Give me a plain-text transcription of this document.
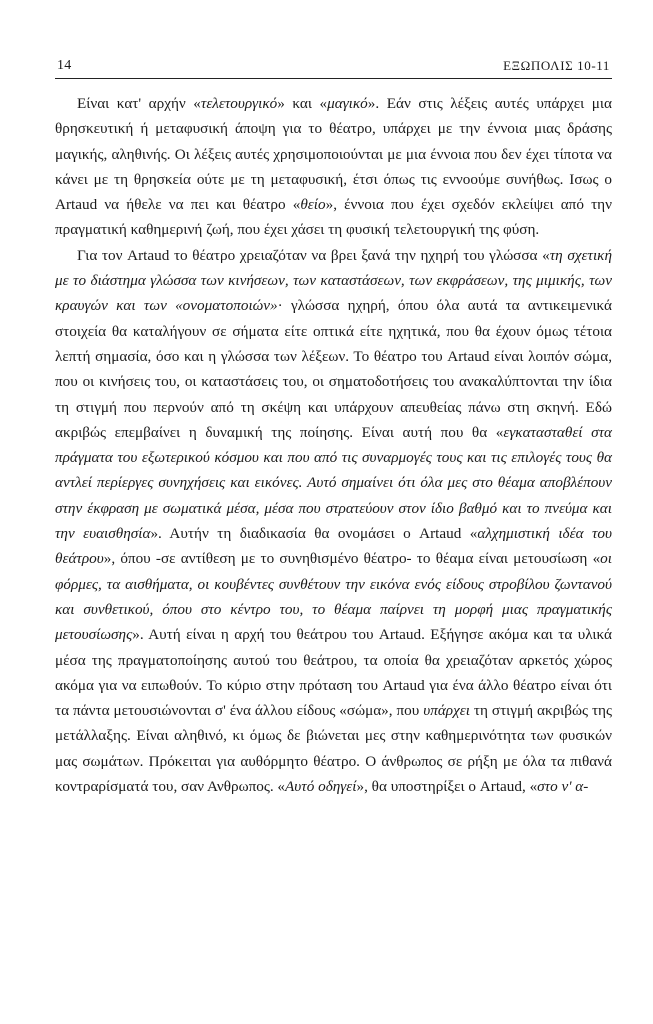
14	ΕΞΩΠΟΛΙΣ 10-11

Είναι κατ' αρχήν «τελετουργικό» και «μαγικό». Εάν στις λέξεις αυτές υπάρχει μια θρησκευτική ή μεταφυσική άποψη για το θέατρο, υπάρχει με την έννοια μιας δράσης μαγικής, αληθινής. Οι λέξεις αυτές χρησιμοποιούνται με μια έννοια που δεν έχει τίποτα να κάνει με τη θρησκεία ούτε με τη μεταφυσική, έτσι όπως τις εννοούμε συνήθως. Ισως ο Artaud να ήθελε να πει και θέατρο «θείο», έννοια που έχει σχεδόν εκλείψει από την πραγματική καθημερινή ζωή, που έχει χάσει τη φυσική τελετουργική της φύση.

Για τον Artaud το θέατρο χρειαζόταν να βρει ξανά την ηχηρή του γλώσσα «τη σχετική με το διάστημα γλώσσα των κινήσεων, των καταστάσεων, των εκφράσεων, της μιμικής, των κραυγών και των «ονοματοποιών»· γλώσσα ηχηρή, όπου όλα αυτά τα αντικειμενικά στοιχεία θα καταλήγουν σε σήματα είτε οπτικά είτε ηχητικά, που θα έχουν όμως τέτοια λεπτή σημασία, όσο και η γλώσσα των λέξεων. Το θέατρο του Artaud είναι λοιπόν σώμα, που οι κινήσεις του, οι καταστάσεις του, οι σηματοδοτήσεις του ανακαλύπτονται την ίδια τη στιγμή που περνούν από τη σκέψη και υπάρχουν απευθείας πάνω στη σκηνή. Εδώ ακριβώς επεμβαίνει η δυναμική της ποίησης. Είναι αυτή που θα «εγκατασταθεί στα πράγματα του εξωτερικού κόσμου και που από τις συναρμογές τους και τις επιλογές τους θα αντλεί περίεργες συνηχήσεις και εικόνες. Αυτό σημαίνει ότι όλα μες στο θέαμα αποβλέπουν στην έκφραση με σωματικά μέσα, μέσα που στρατεύουν στον ίδιο βαθμό και το πνεύμα και την ευαισθησία». Αυτήν τη διαδικασία θα ονομάσει ο Artaud «αλχημιστική ιδέα του θεάτρου», όπου -σε αντίθεση με το συνηθισμένο θέατρο- το θέαμα είναι μετουσίωση «οι φόρμες, τα αισθήματα, οι κουβέντες συνθέτουν την εικόνα ενός είδους στροβίλου ζωντανού και συνθετικού, όπου στο κέντρο του, το θέαμα παίρνει τη μορφή μιας πραγματικής μετουσίωσης». Αυτή είναι η αρχή του θεάτρου του Artaud. Εξήγησε ακόμα και τα υλικά μέσα της πραγματοποίησης αυτού του θεάτρου, τα οποία θα χρειαζόταν αρκετός χώρος ακόμα για να ειπωθούν. Το κύριο στην πρόταση του Artaud για ένα άλλο θέατρο είναι ότι τα πάντα μετουσιώνονται σ' ένα άλλου είδους «σώμα», που υπάρχει τη στιγμή ακριβώς της μετάλλαξης. Είναι αληθινό, κι όμως δε βιώνεται μες στην καθημερινότητα των φυσικών μας σωμάτων. Πρόκειται για αυθόρμητο θέατρο. Ο άνθρωπος σε ρήξη με όλα τα πιθανά κοντραρίσματά του, σαν Ανθρωπος. «Αυτό οδηγεί», θα υποστηρίξει ο Artaud, «στο ν' α-
